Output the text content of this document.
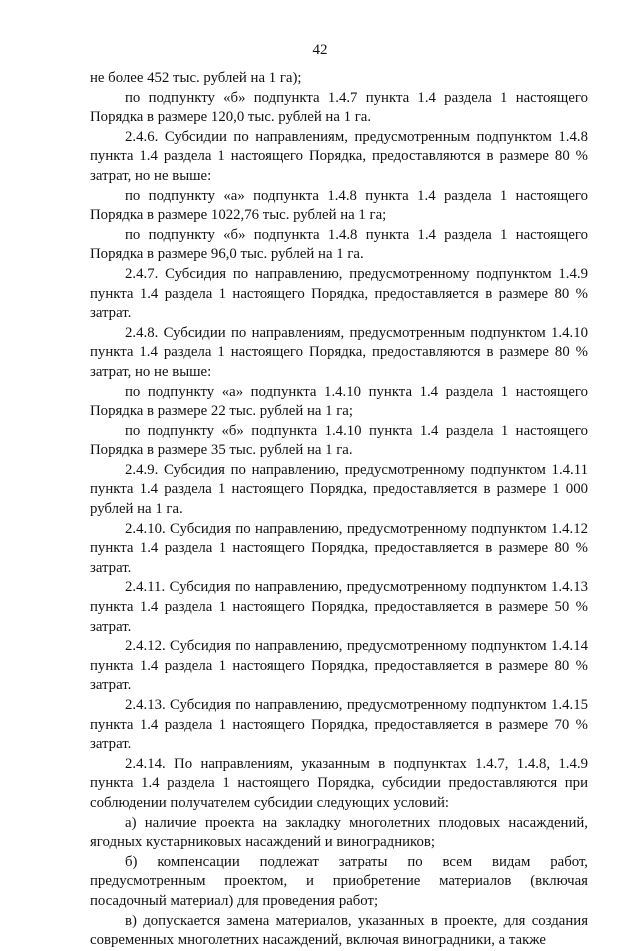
42

не более 452 тыс. рублей на 1 га);

по подпункту «б» подпункта 1.4.7 пункта 1.4 раздела 1 настоящего Порядка в размере 120,0 тыс. рублей на 1 га.

2.4.6. Субсидии по направлениям, предусмотренным подпунктом 1.4.8 пункта 1.4 раздела 1 настоящего Порядка, предоставляются в размере 80 % затрат, но не выше:

по подпункту «а» подпункта 1.4.8 пункта 1.4 раздела 1 настоящего Порядка в размере 1022,76 тыс. рублей на 1 га;

по подпункту «б» подпункта 1.4.8 пункта 1.4 раздела 1 настоящего Порядка в размере 96,0 тыс. рублей на 1 га.

2.4.7. Субсидия по направлению, предусмотренному подпунктом 1.4.9 пункта 1.4 раздела 1 настоящего Порядка, предоставляется в размере 80 % затрат.

2.4.8. Субсидии по направлениям, предусмотренным подпунктом 1.4.10 пункта 1.4 раздела 1 настоящего Порядка, предоставляются в размере 80 % затрат, но не выше:

по подпункту «а» подпункта 1.4.10 пункта 1.4 раздела 1 настоящего Порядка в размере 22 тыс. рублей на 1 га;

по подпункту «б» подпункта 1.4.10 пункта 1.4 раздела 1 настоящего Порядка в размере 35 тыс. рублей на 1 га.

2.4.9. Субсидия по направлению, предусмотренному подпунктом 1.4.11 пункта 1.4 раздела 1 настоящего Порядка, предоставляется в размере 1 000 рублей на 1 га.

2.4.10. Субсидия по направлению, предусмотренному подпунктом 1.4.12 пункта 1.4 раздела 1 настоящего Порядка, предоставляется в размере 80 % затрат.

2.4.11. Субсидия по направлению, предусмотренному подпунктом 1.4.13 пункта 1.4 раздела 1 настоящего Порядка, предоставляется в размере 50 % затрат.

2.4.12. Субсидия по направлению, предусмотренному подпунктом 1.4.14 пункта 1.4 раздела 1 настоящего Порядка, предоставляется в размере 80 % затрат.

2.4.13. Субсидия по направлению, предусмотренному подпунктом 1.4.15 пункта 1.4 раздела 1 настоящего Порядка, предоставляется в размере 70 % затрат.

2.4.14. По направлениям, указанным в подпунктах 1.4.7, 1.4.8, 1.4.9 пункта 1.4 раздела 1 настоящего Порядка, субсидии предоставляются при соблюдении получателем субсидии следующих условий:

а) наличие проекта на закладку многолетних плодовых насаждений, ягодных кустарниковых насаждений и виноградников;

б) компенсации подлежат затраты по всем видам работ, предусмотренным проектом, и приобретение материалов (включая посадочный материал) для проведения работ;

в) допускается замена материалов, указанных в проекте, для создания современных многолетних насаждений, включая виноградники, а также
